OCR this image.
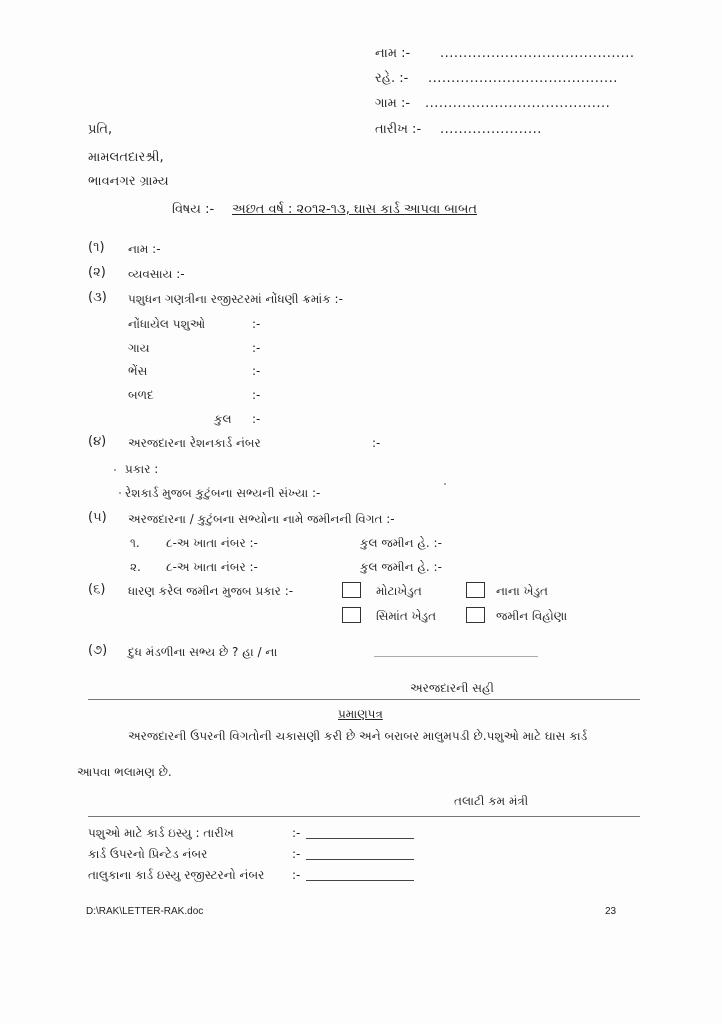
નામ :- ..........................................
રહે. :- .........................................
ગામ :- ........................................
તારીખ :- ......................
પ્રતિ,
મામલતદારશ્રી,
ભાવનગર ગ્રામ્ય
વિષય :- અછત વર્ષ : ૨૦૧૨-૧૩, ઘાસ કાર્ડ આપવા બાબત
(૧) નામ :-
(૨) વ્યવસાય :-
(૩) પશુધન ગણત્રીના રજીસ્ટરમાં નોંધણી ક્રમાંક :-
નોંધાયેલ પશુઓ	:-
ગાય	:-
ભેંસ	:-
બળદ	:-
કુલ :-
(૪) અરજદારના રેશનકાર્ડ નંબર	:-
પ્રકાર :
રેશકાર્ડ મુજબ કુટુંબના સભ્યની સંખ્યા :-
(૫) અરજદારના / કુટુંબના સભ્યોના નામે જમીનની વિગત :-
૧. ૮-અ ખાતા નંબર :-	કુલ જમીન હે. :-
૨. ૮-અ ખાતા નંબર :-	કુલ જમીન હે. :-
(૬) ધારણ કરેલ જમીન મુજબ પ્રકાર :-	મોટાખેડુત	નાના ખેડુત
સિમાંત ખેડુત	જમીન વિહોણા
(૭) દુધ મંડળીના સભ્ય છે ? હા / ના
અરજદારની સહી
પ્રમાણપત્ર
અરજદારની ઉપરની વિગતોની ચકાસણી કરી છે અને બરાબર માલુમપડી છે.પશુઓ માટે ઘાસ કાર્ડ
આપવા ભલામણ છે.
તલાટી કમ મંત્રી
પશુઓ માટે કાર્ડ ઇસ્યુ : તારીખ	:-
કાર્ડ ઉપરનો પ્રિન્ટેડ નંબર	:-
તાલુકાના કાર્ડ ઇસ્યુ રજીસ્ટરનો નંબર :-
D:\RAK\LETTER-RAK.doc	23
